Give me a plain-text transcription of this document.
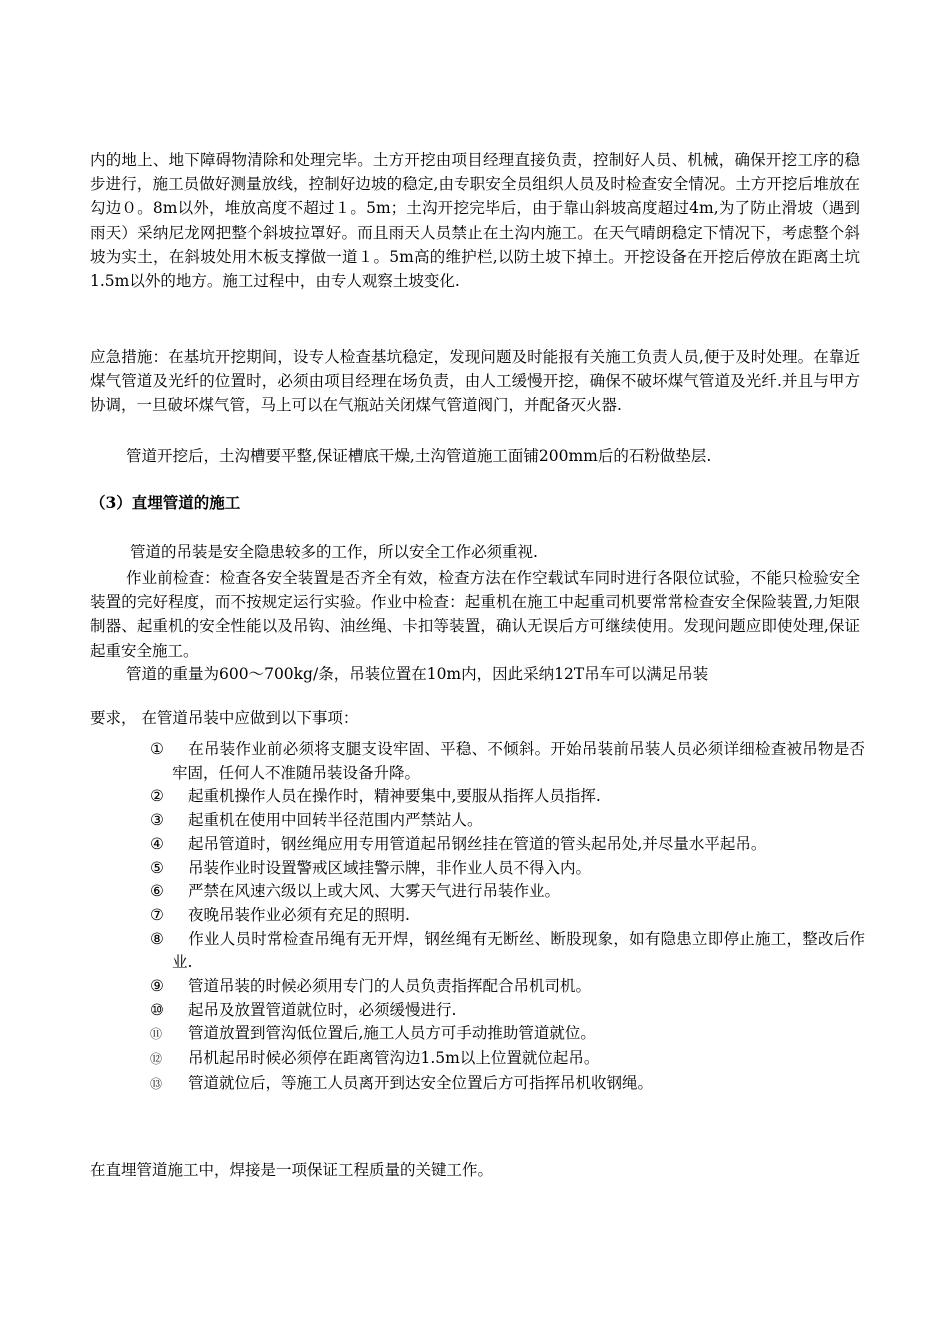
内的地上、地下障碍物清除和处理完毕。土方开挖由项目经理直接负责，控制好人员、机械，确保开挖工序的稳步进行，施工员做好测量放线，控制好边坡的稳定,由专职安全员组织人员及时检查安全情况。土方开挖后堆放在勾边０。8m以外，堆放高度不超过１。5m；土沟开挖完毕后，由于靠山斜坡高度超过4m,为了防止滑坡（遇到雨天）采纳尼龙网把整个斜坡拉罩好。而且雨天人员禁止在土沟内施工。在天气晴朗稳定下情况下，考虑整个斜坡为实土，在斜坡处用木板支撑做一道１。5m高的维护栏,以防土坡下掉土。开挖设备在开挖后停放在距离土坑1.5m以外的地方。施工过程中，由专人观察土坡变化.

应急措施：在基坑开挖期间，设专人检查基坑稳定，发现问题及时能报有关施工负责人员,便于及时处理。在靠近煤气管道及光纤的位置时，必须由项目经理在场负责，由人工缓慢开挖，确保不破坏煤气管道及光纤.并且与甲方协调，一旦破坏煤气管，马上可以在气瓶站关闭煤气管道阀门，并配备灭火器.

管道开挖后，土沟槽要平整,保证槽底干燥,土沟管道施工面铺200mm后的石粉做垫层.

（3）直埋管道的施工

管道的吊装是安全隐患较多的工作，所以安全工作必须重视.

作业前检查：检查各安全装置是否齐全有效，检查方法在作空载试车同时进行各限位试验，不能只检验安全装置的完好程度，而不按规定运行实验。作业中检查：起重机在施工中起重司机要常常检查安全保险装置,力矩限制器、起重机的安全性能以及吊钩、油丝绳、卡扣等装置，确认无误后方可继续使用。发现问题应即使处理,保证起重安全施工。

管道的重量为600～700kg/条，吊装位置在10m内，因此采纳12T吊车可以满足吊装

要求， 在管道吊装中应做到以下事项：

① 在吊装作业前必须将支腿支设牢固、平稳、不倾斜。开始吊装前吊装人员必须详细检查被吊物是否牢固，任何人不准随吊装设备升降。
② 起重机操作人员在操作时，精神要集中,要服从指挥人员指挥.
③ 起重机在使用中回转半径范围内严禁站人。
④ 起吊管道时，钢丝绳应用专用管道起吊钢丝挂在管道的管头起吊处,并尽量水平起吊。
⑤ 吊装作业时设置警戒区域挂警示牌，非作业人员不得入内。
⑥ 严禁在风速六级以上或大风、大雾天气进行吊装作业。
⑦ 夜晚吊装作业必须有充足的照明.
⑧ 作业人员时常检查吊绳有无开焊，钢丝绳有无断丝、断股现象，如有隐患立即停止施工，整改后作业.
⑨ 管道吊装的时候必须用专门的人员负责指挥配合吊机司机。
⑩ 起吊及放置管道就位时，必须缓慢进行.
⑪ 管道放置到管沟低位置后,施工人员方可手动推助管道就位。
⑫ 吊机起吊时候必须停在距离管沟边1.5m以上位置就位起吊。
⑬ 管道就位后，等施工人员离开到达安全位置后方可指挥吊机收钢绳。

在直埋管道施工中，焊接是一项保证工程质量的关键工作。
